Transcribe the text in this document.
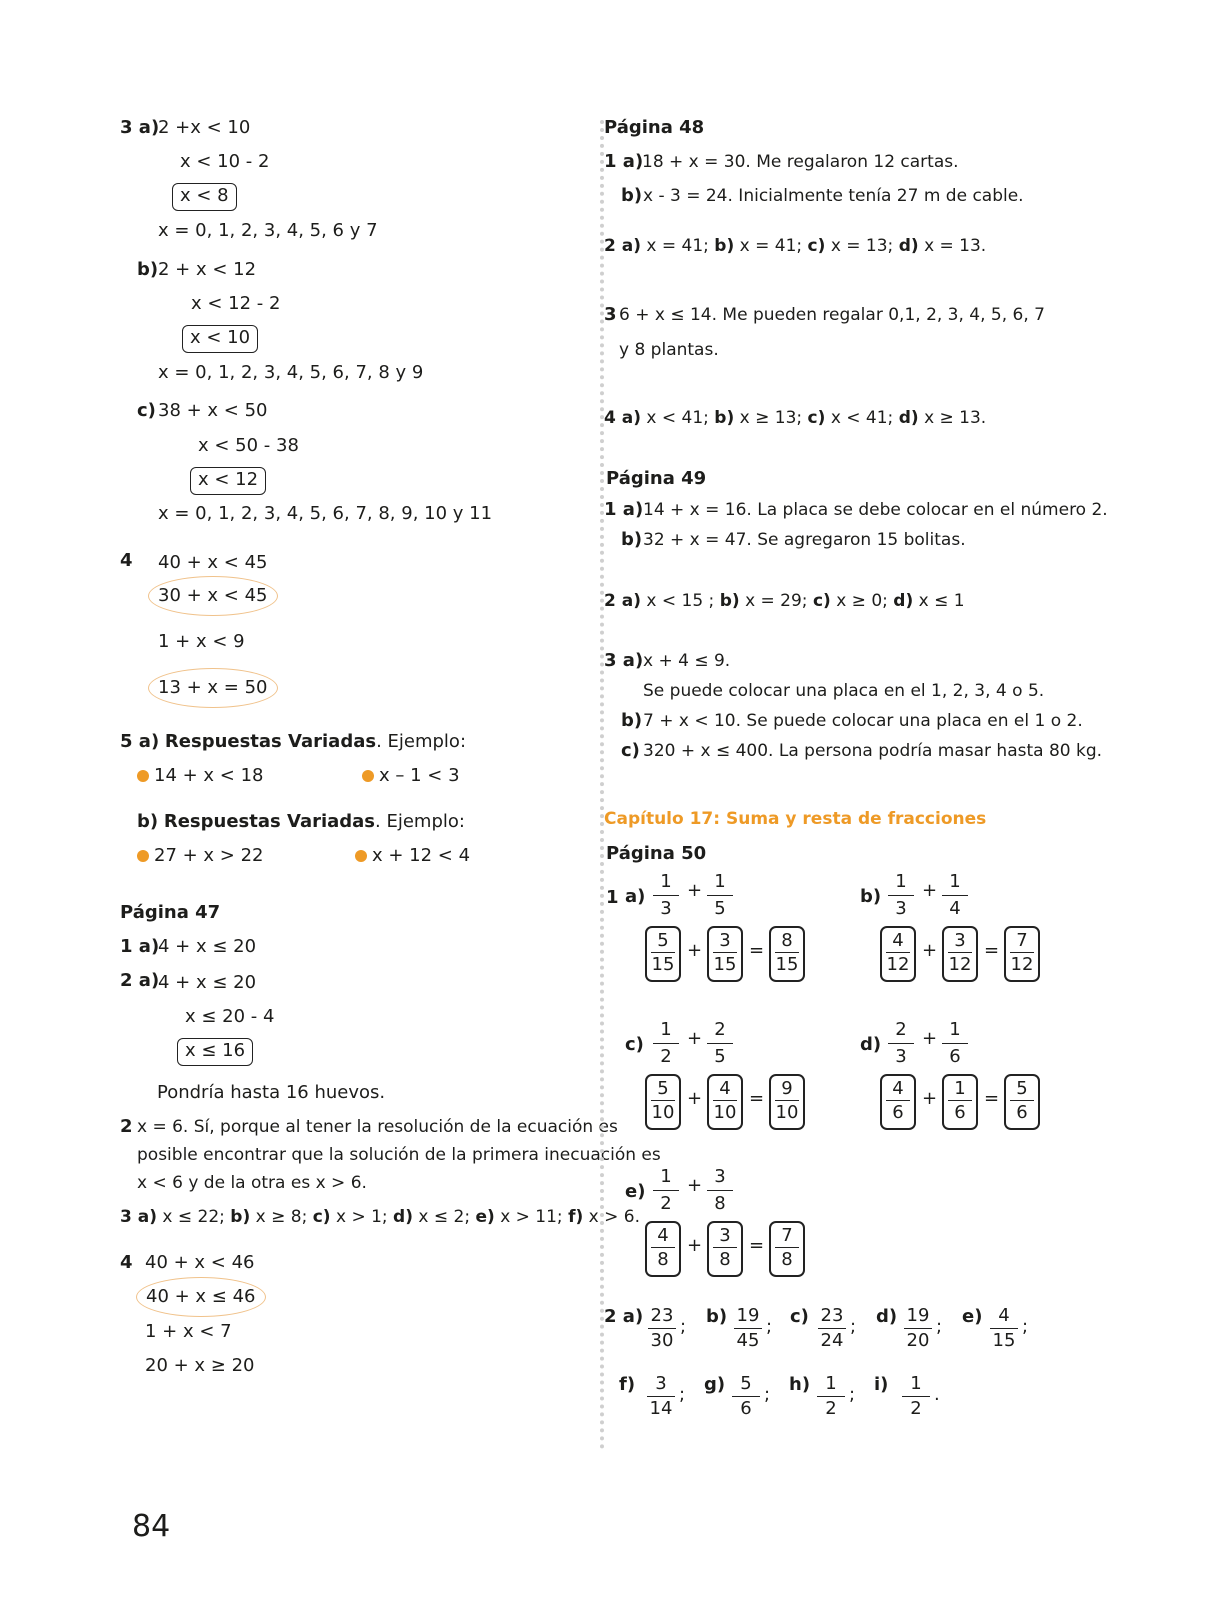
3 a)
2 +x < 10
x < 10 - 2
x < 8
x = 0, 1, 2, 3, 4, 5, 6 y 7
b) 2 + x < 12
x < 12 - 2
x < 10
x = 0, 1, 2, 3, 4, 5, 6, 7, 8 y 9
c) 38 + x < 50
x < 50 - 38
x < 12
x = 0, 1, 2, 3, 4, 5, 6, 7, 8, 9, 10 y 11
4 40 + x < 45
30 + x < 45
1 + x < 9
13 + x = 50
5 a) Respuestas Variadas. Ejemplo:
14 + x < 18	x – 1 < 3
b) Respuestas Variadas. Ejemplo:
27 + x > 22	x + 12 < 4
Página 47
1 a)
4 + x ≤ 20
2 a)
4 + x ≤ 20
x ≤ 20 - 4
x ≤ 16
Pondría hasta 16 huevos.
2 x = 6. Sí, porque al tener la resolución de la ecuación es
posible encontrar que la solución de la primera inecuación es
x < 6 y de la otra es x > 6.
3 a) x ≤ 22; b) x ≥ 8; c) x > 1; d) x ≤ 2; e) x > 11; f) x > 6.
4 40 + x < 46
40 + x ≤ 46
1 + x < 7
20 + x ≥ 20
Página 48
1 a)
18 + x = 30. Me regalaron 12 cartas.
b) x - 3 = 24. Inicialmente tenía 27 m de cable.
2 a) x = 41; b) x = 41; c) x = 13; d) x = 13.
3 6 + x ≤ 14. Me pueden regalar 0,1, 2, 3, 4, 5, 6, 7
y 8 plantas.
4 a) x < 41; b) x ≥ 13; c) x < 41; d) x ≥ 13.
Página 49
1 a) 14 + x = 16. La placa se debe colocar en el número 2.
b) 32 + x = 47. Se agregaron 15 bolitas.
2 a) x < 15 ; b) x = 29; c) x ≥ 0; d) x ≤ 1
3 a) x + 4 ≤ 9.
Se puede colocar una placa en el 1, 2, 3, 4 o 5.
b) 7 + x < 10. Se puede colocar una placa en el 1 o 2.
c) 320 + x ≤ 400. La persona podría masar hasta 80 kg.
Capítulo 17: Suma y resta de fracciones
Página 50
1 a)
1
3
+ 1
5
5
15
+ 3
15
= 8
15
b)
1
3
+ 1
4
4
12
+ 3
12
= 7
12
c)
1
2
+ 2
5
5
10
+ 4
10
= 9
10
d)
2
3
+ 1
6
4
6
+ 1
6
= 5
6
e)
1
2
+ 3
8
4
8
+ 3
8
= 7
8
2 a) 23
30
; b) 19
45
; c) 23
24
; d) 19
20
; e) 4
15
;
f)	3
14
; g) 5
6
; h) 1
2
; i)	1
2
.
84
